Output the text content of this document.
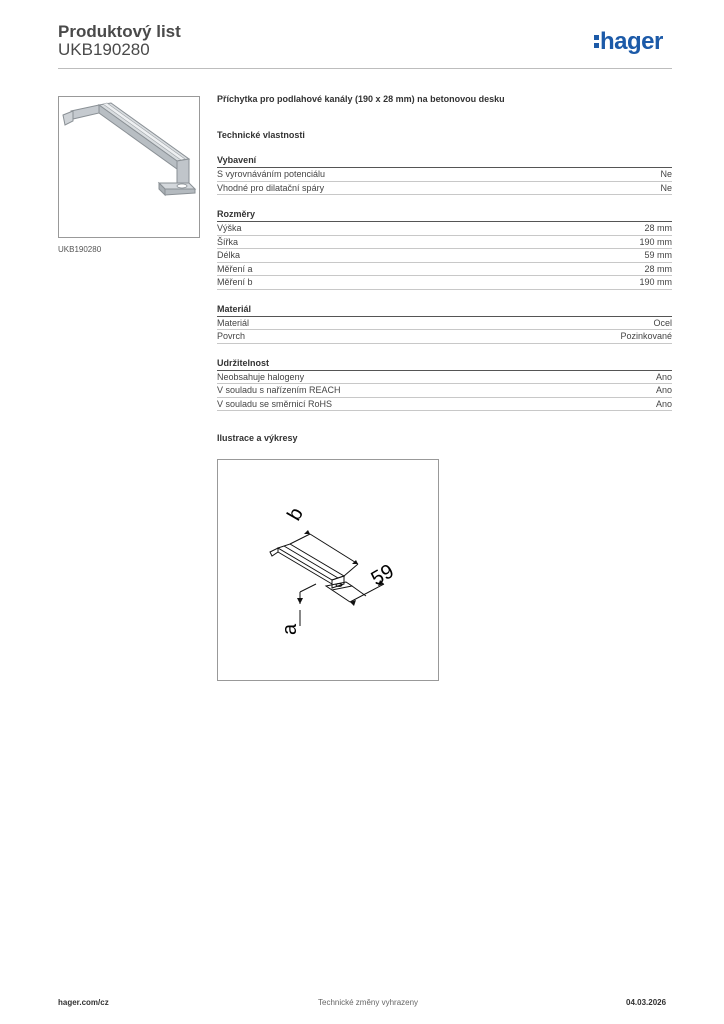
Produktový list
UKB190280	hager
UKB190280
Příchytka pro podlahové kanály (190 x 28 mm) na betonovou desku
Technické vlastnosti
Vybavení
S vyrovnáváním potenciálu	Ne
Vhodné pro dilatační spáry	Ne
Rozměry
Výška	28 mm
Šířka	190 mm
Délka	59 mm
Měření a	28 mm
Měření b	190 mm
Materiál
Materiál	Ocel
Povrch	Pozinkované
Udržitelnost
Neobsahuje halogeny	Ano
V souladu s nařízením REACH	Ano
V souladu se směrnicí RoHS	Ano
Ilustrace a výkresy
b
59
a
hager.com/cz	Technické změny vyhrazeny	04.03.2026
